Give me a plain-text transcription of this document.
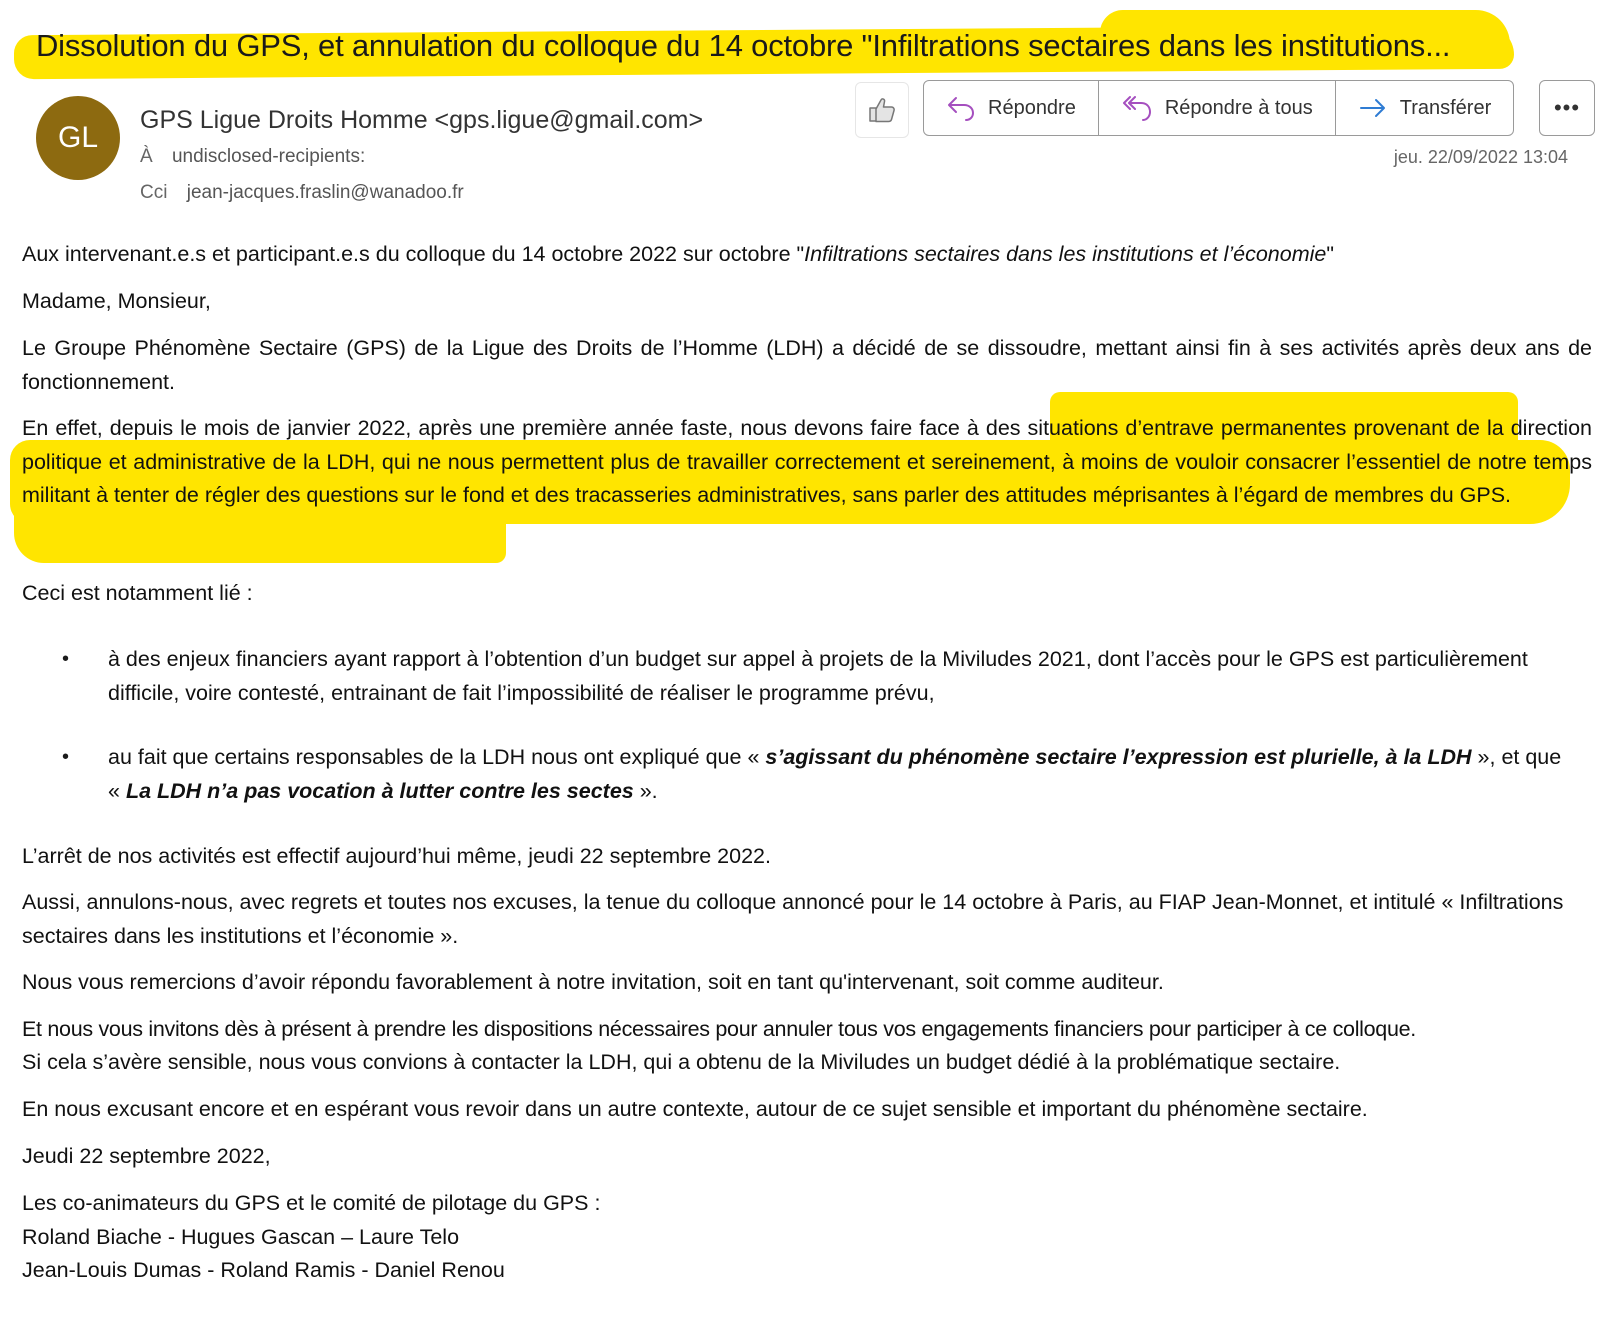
Dissolution du GPS, et annulation du colloque du 14 octobre "Infiltrations sectaires dans les institutions...
GL
GPS Ligue Droits Homme <gps.ligue@gmail.com>
À undisclosed-recipients:
Cci jean-jacques.fraslin@wanadoo.fr
jeu. 22/09/2022 13:04
Répondre	Répondre à tous	Transférer	•••
Aux intervenant.e.s et participant.e.s du colloque du 14 octobre 2022 sur octobre "Infiltrations sectaires dans les institutions et l’économie"
Madame, Monsieur,
Le Groupe Phénomène Sectaire (GPS) de la Ligue des Droits de l’Homme (LDH) a décidé de se dissoudre, mettant ainsi fin à ses activités après deux ans de fonctionnement.
En effet, depuis le mois de janvier 2022, après une première année faste, nous devons faire face à des situations d’entrave permanentes provenant de la direction politique et administrative de la LDH, qui ne nous permettent plus de travailler correctement et sereinement, à moins de vouloir consacrer l’essentiel de notre temps militant à tenter de régler des questions sur le fond et des tracasseries administratives, sans parler des attitudes méprisantes à l’égard de membres du GPS.
Ceci est notamment lié :
• à des enjeux financiers ayant rapport à l’obtention d’un budget sur appel à projets de la Miviludes 2021, dont l’accès pour le GPS est particulièrement difficile, voire contesté, entrainant de fait l’impossibilité de réaliser le programme prévu,
• au fait que certains responsables de la LDH nous ont expliqué que « s’agissant du phénomène sectaire l’expression est plurielle, à la LDH », et que « La LDH n’a pas vocation à lutter contre les sectes ».
L’arrêt de nos activités est effectif aujourd’hui même, jeudi 22 septembre 2022.
Aussi, annulons-nous, avec regrets et toutes nos excuses, la tenue du colloque annoncé pour le 14 octobre à Paris, au FIAP Jean-Monnet, et intitulé « Infiltrations sectaires dans les institutions et l’économie ».
Nous vous remercions d’avoir répondu favorablement à notre invitation, soit en tant qu'intervenant, soit comme auditeur.
Et nous vous invitons dès à présent à prendre les dispositions nécessaires pour annuler tous vos engagements financiers pour participer à ce colloque.
Si cela s’avère sensible, nous vous convions à contacter la LDH, qui a obtenu de la Miviludes un budget dédié à la problématique sectaire.
En nous excusant encore et en espérant vous revoir dans un autre contexte, autour de ce sujet sensible et important du phénomène sectaire.
Jeudi 22 septembre 2022,
Les co-animateurs du GPS et le comité de pilotage du GPS :
Roland Biache - Hugues Gascan – Laure Telo
Jean-Louis Dumas - Roland Ramis - Daniel Renou
